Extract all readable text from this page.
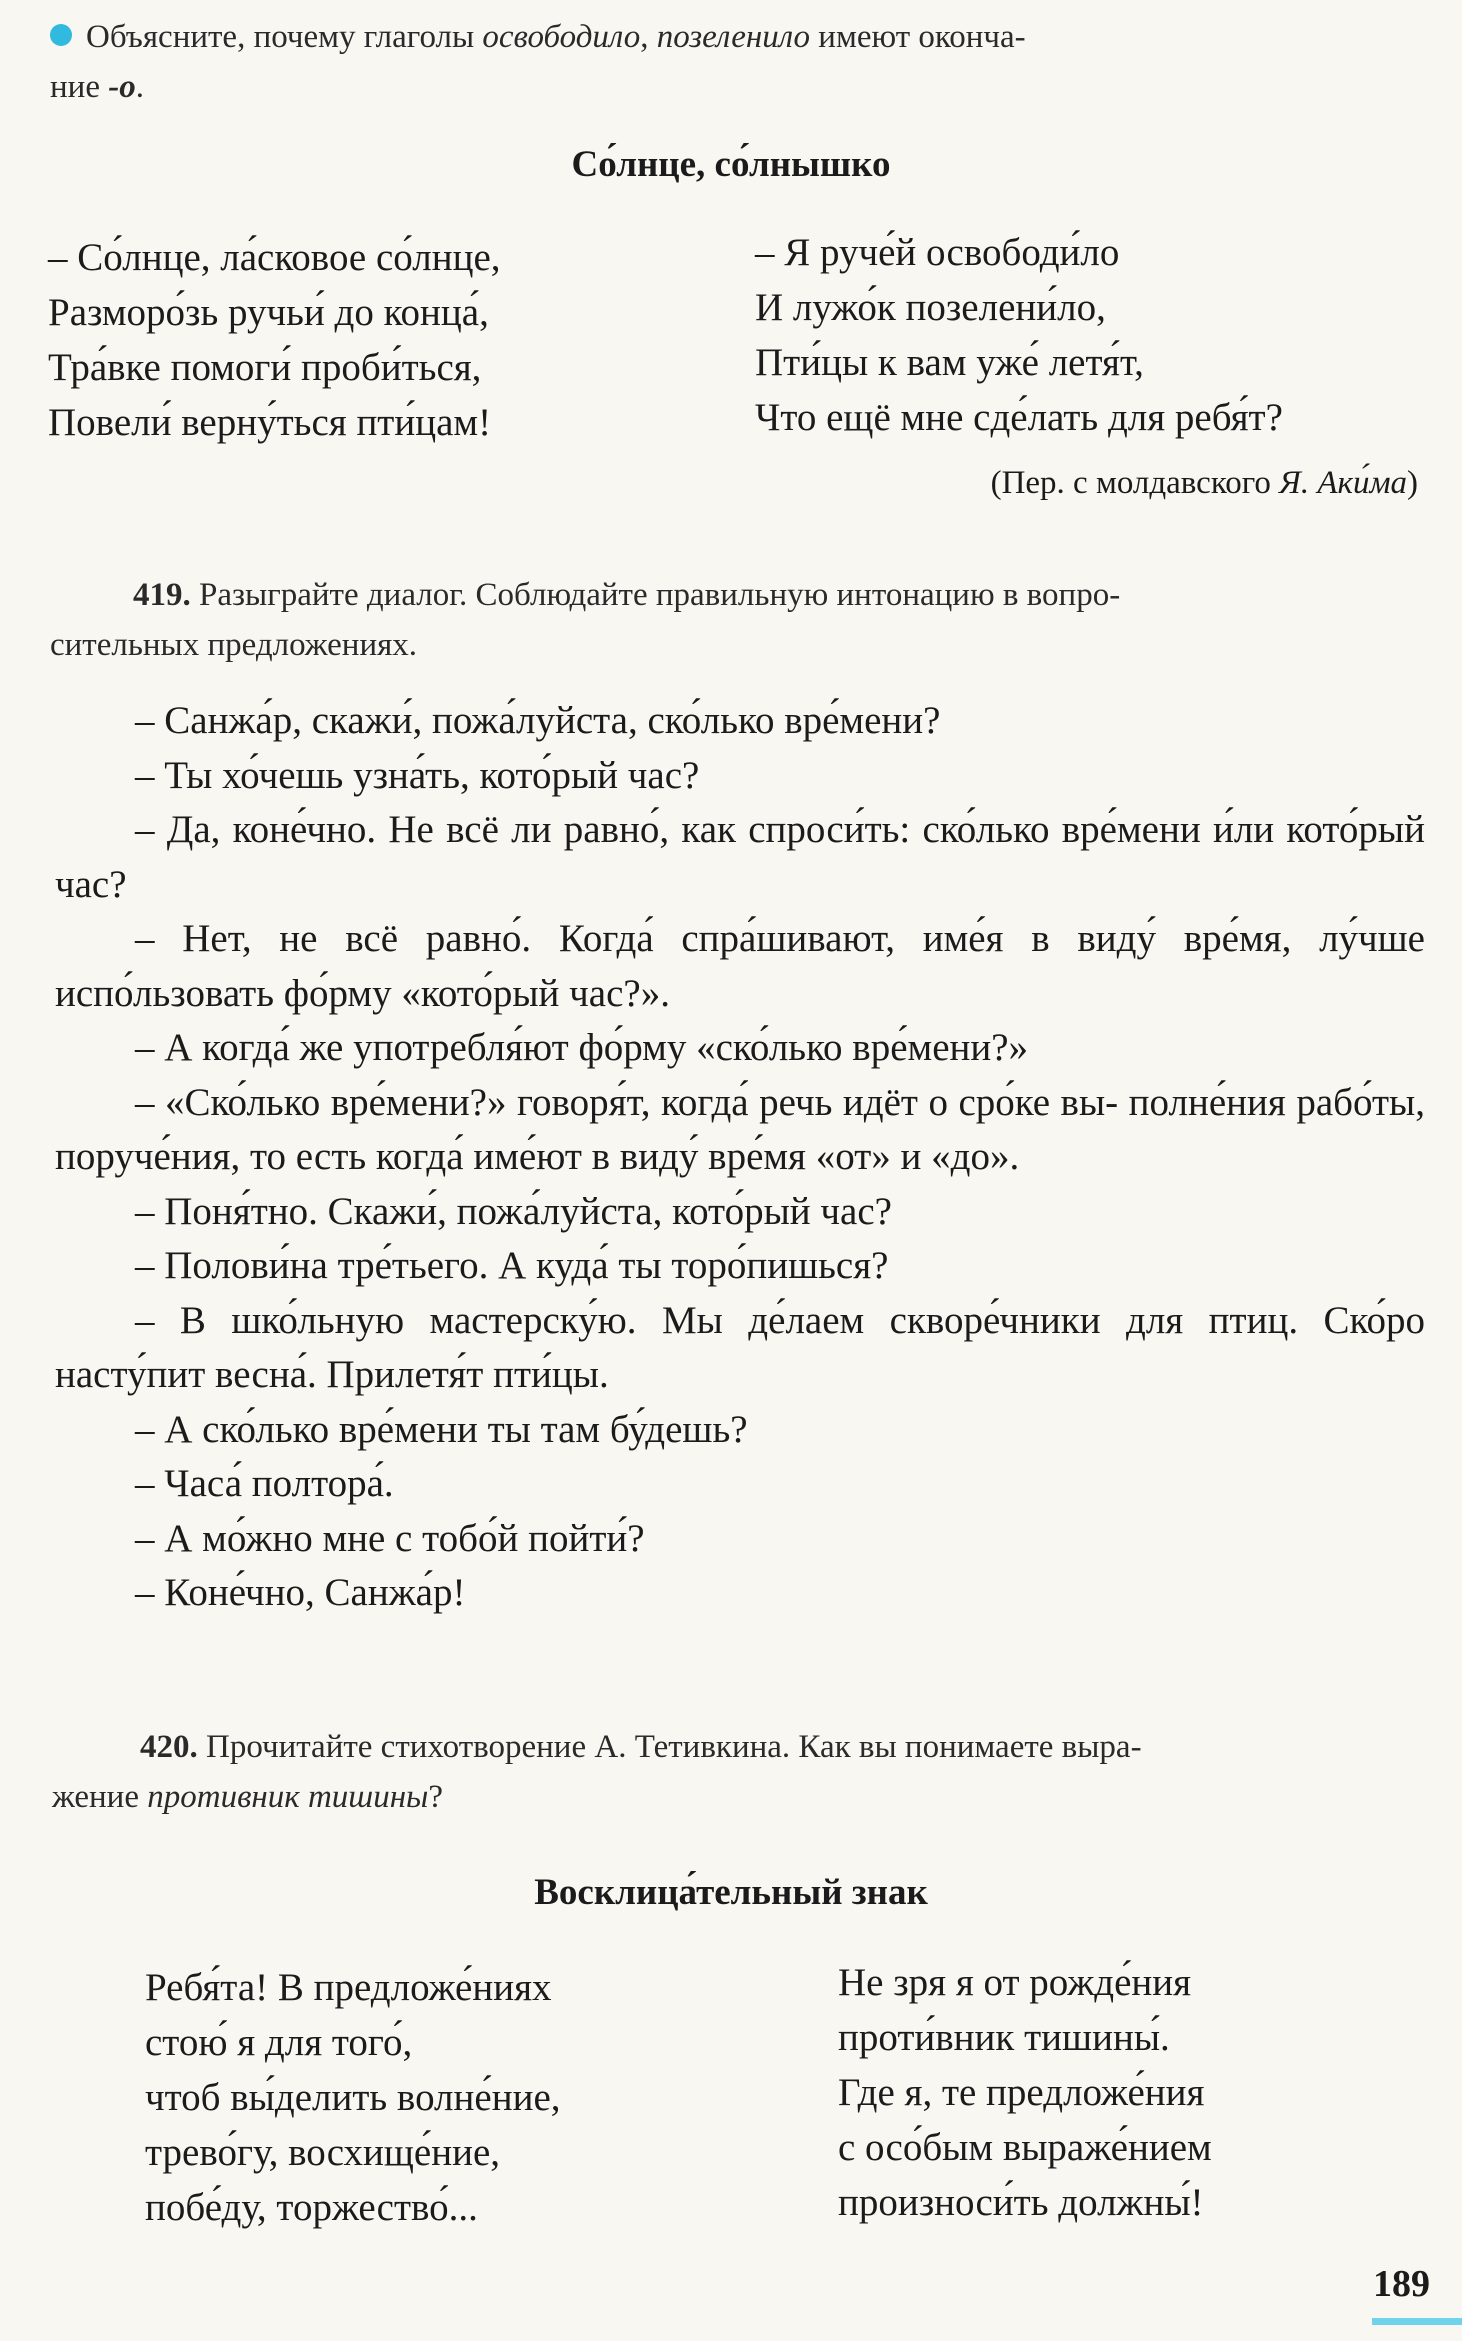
Объясните, почему глаголы освободило, позеленило имеют оконча-
ние -о.
Со́лнце, со́лнышко
– Со́лнце, ла́сковое со́лнце,
Разморо́зь ручьи́ до конца́,
Тра́вке помоги́ проби́ться,
Повели́ верну́ться пти́цам!
– Я руче́й освободи́ло
И лужо́к позелени́ло,
Пти́цы к вам уже́ летя́т,
Что ещё мне сде́лать для ребя́т?
(Пер. с молдавского Я. Аки́ма)
419. Разыграйте диалог. Соблюдайте правильную интонацию в вопро-
сительных предложениях.

– Санжа́р, скажи́, пожа́луйста, ско́лько вре́мени?

– Ты хо́чешь узна́ть, кото́рый час?

– Да, коне́чно. Не всё ли равно́, как спроси́ть: ско́лько вре́мени и́ли кото́рый час?

– Нет, не всё равно́. Когда́ спра́шивают, име́я в виду́ вре́мя, лу́чше испо́льзовать фо́рму «кото́рый час?».

– А когда́ же употребля́ют фо́рму «ско́лько вре́мени?»

– «Ско́лько вре́мени?» говоря́т, когда́ речь идёт о сро́ке вы- полне́ния рабо́ты, поруче́ния, то есть когда́ име́ют в виду́ вре́мя «от» и «до».

– Поня́тно. Скажи́, пожа́луйста, кото́рый час?

– Полови́на тре́тьего. А куда́ ты торо́пишься?

– В шко́льную мастерску́ю. Мы де́лаем скворе́чники для птиц. Ско́ро насту́пит весна́. Прилетя́т пти́цы.

– А ско́лько вре́мени ты там бу́дешь?

– Часа́ полтора́.

– А мо́жно мне с тобо́й пойти́?

– Коне́чно, Санжа́р!

420. Прочитайте стихотворение А. Тетивкина. Как вы понимаете выра-
жение противник тишины?
Восклица́тельный знак
Ребя́та! В предложе́ниях
стою́ я для того́,
чтоб вы́делить волне́ние,
трево́гу, восхище́ние,
побе́ду, торжество́...
Не зря я от рожде́ния
проти́вник тишины́.
Где я, те предложе́ния
с осо́бым выраже́нием
произноси́ть должны́!
189
